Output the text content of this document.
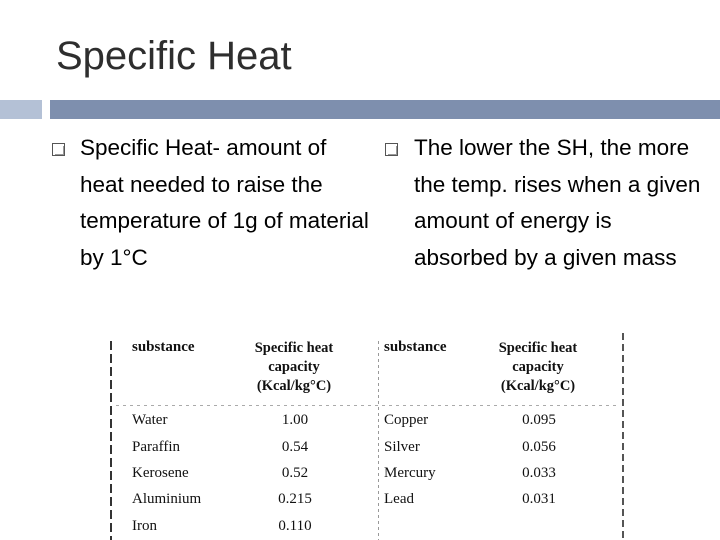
Specific Heat
Specific Heat- amount of heat needed to raise the temperature of 1g of material by 1°C
The lower the SH, the more the temp. rises when a given amount of energy is absorbed by a given mass
substance	Specific heat
capacity
(Kcal/kg°C)
substance	Specific heat
capacity
(Kcal/kg°C)
Water	1.00
Paraffin	0.54
Kerosene	0.52
Aluminium	0.215
Iron	0.110
Copper	0.095
Silver	0.056
Mercury	0.033
Lead	0.031
